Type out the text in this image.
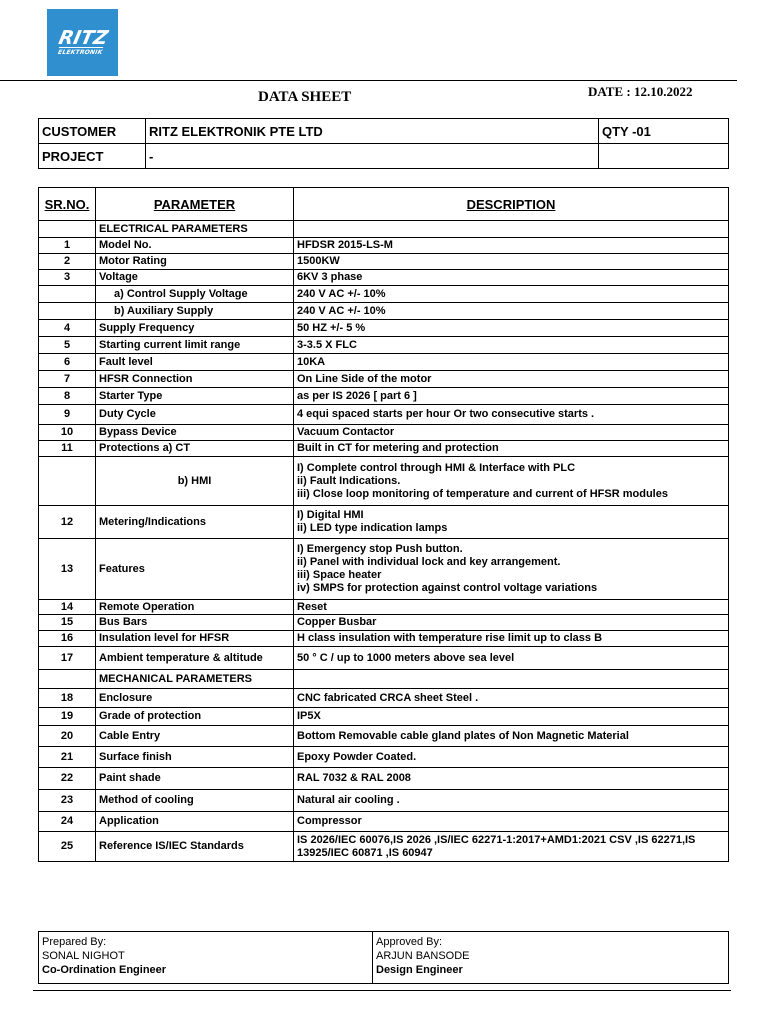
RITZ
ELEKTRONIK
DATA SHEET	DATE : 12.10.2022
CUSTOMER	RITZ ELEKTRONIK PTE LTD	QTY -01
PROJECT	-	
SR.NO.	PARAMETER	DESCRIPTION
	ELECTRICAL PARAMETERS	
1	Model No.	HFDSR 2015-LS-M

2	Motor Rating	1500KW

3	Voltage	6KV 3 phase

	a) Control Supply Voltage	240 V AC +/- 10%

	b) Auxiliary Supply	240 V AC +/- 10%

4	Supply Frequency	50 HZ +/- 5 %

5	Starting current limit range	3-3.5 X FLC

6	Fault level	10KA

7	HFSR Connection	On Line Side of the motor

8	Starter Type	as per IS 2026 [ part 6 ]

9	Duty Cycle	4 equi spaced starts per hour Or two consecutive starts .

10	Bypass Device	Vacuum Contactor

11	Protections a) CT	Built in CT for metering and protection

	b) HMI	I) Complete control through HMI & Interface with PLC
ii) Fault Indications.
iii) Close loop monitoring of temperature and current of HFSR modules

12	Metering/Indications	I) Digital HMI
ii) LED type indication lamps

13	Features	I) Emergency stop Push button.
ii) Panel with individual lock and key arrangement.
iii) Space heater
iv) SMPS for protection against control voltage variations

14	Remote Operation	Reset

15	Bus Bars	Copper Busbar

16	Insulation level for HFSR	H class insulation with temperature rise limit up to class B

17	Ambient temperature & altitude	50 ° C / up to 1000 meters above sea level

	MECHANICAL PARAMETERS	
18	Enclosure	CNC fabricated CRCA sheet Steel .

19	Grade of protection	IP5X

20	Cable Entry	Bottom Removable cable gland plates of Non Magnetic Material

21	Surface finish	Epoxy Powder Coated.

22	Paint shade	RAL 7032 & RAL 2008

23	Method of cooling	Natural air cooling .

24	Application	Compressor

25	Reference IS/IEC Standards	IS 2026/IEC 60076,IS 2026 ,IS/IEC 62271-1:2017+AMD1:2021 CSV ,IS 62271,IS
13925/IEC 60871 ,IS 60947
Prepared By:
SONAL NIGHOT
Co-Ordination Engineer

Approved By:
ARJUN BANSODE
Design Engineer
